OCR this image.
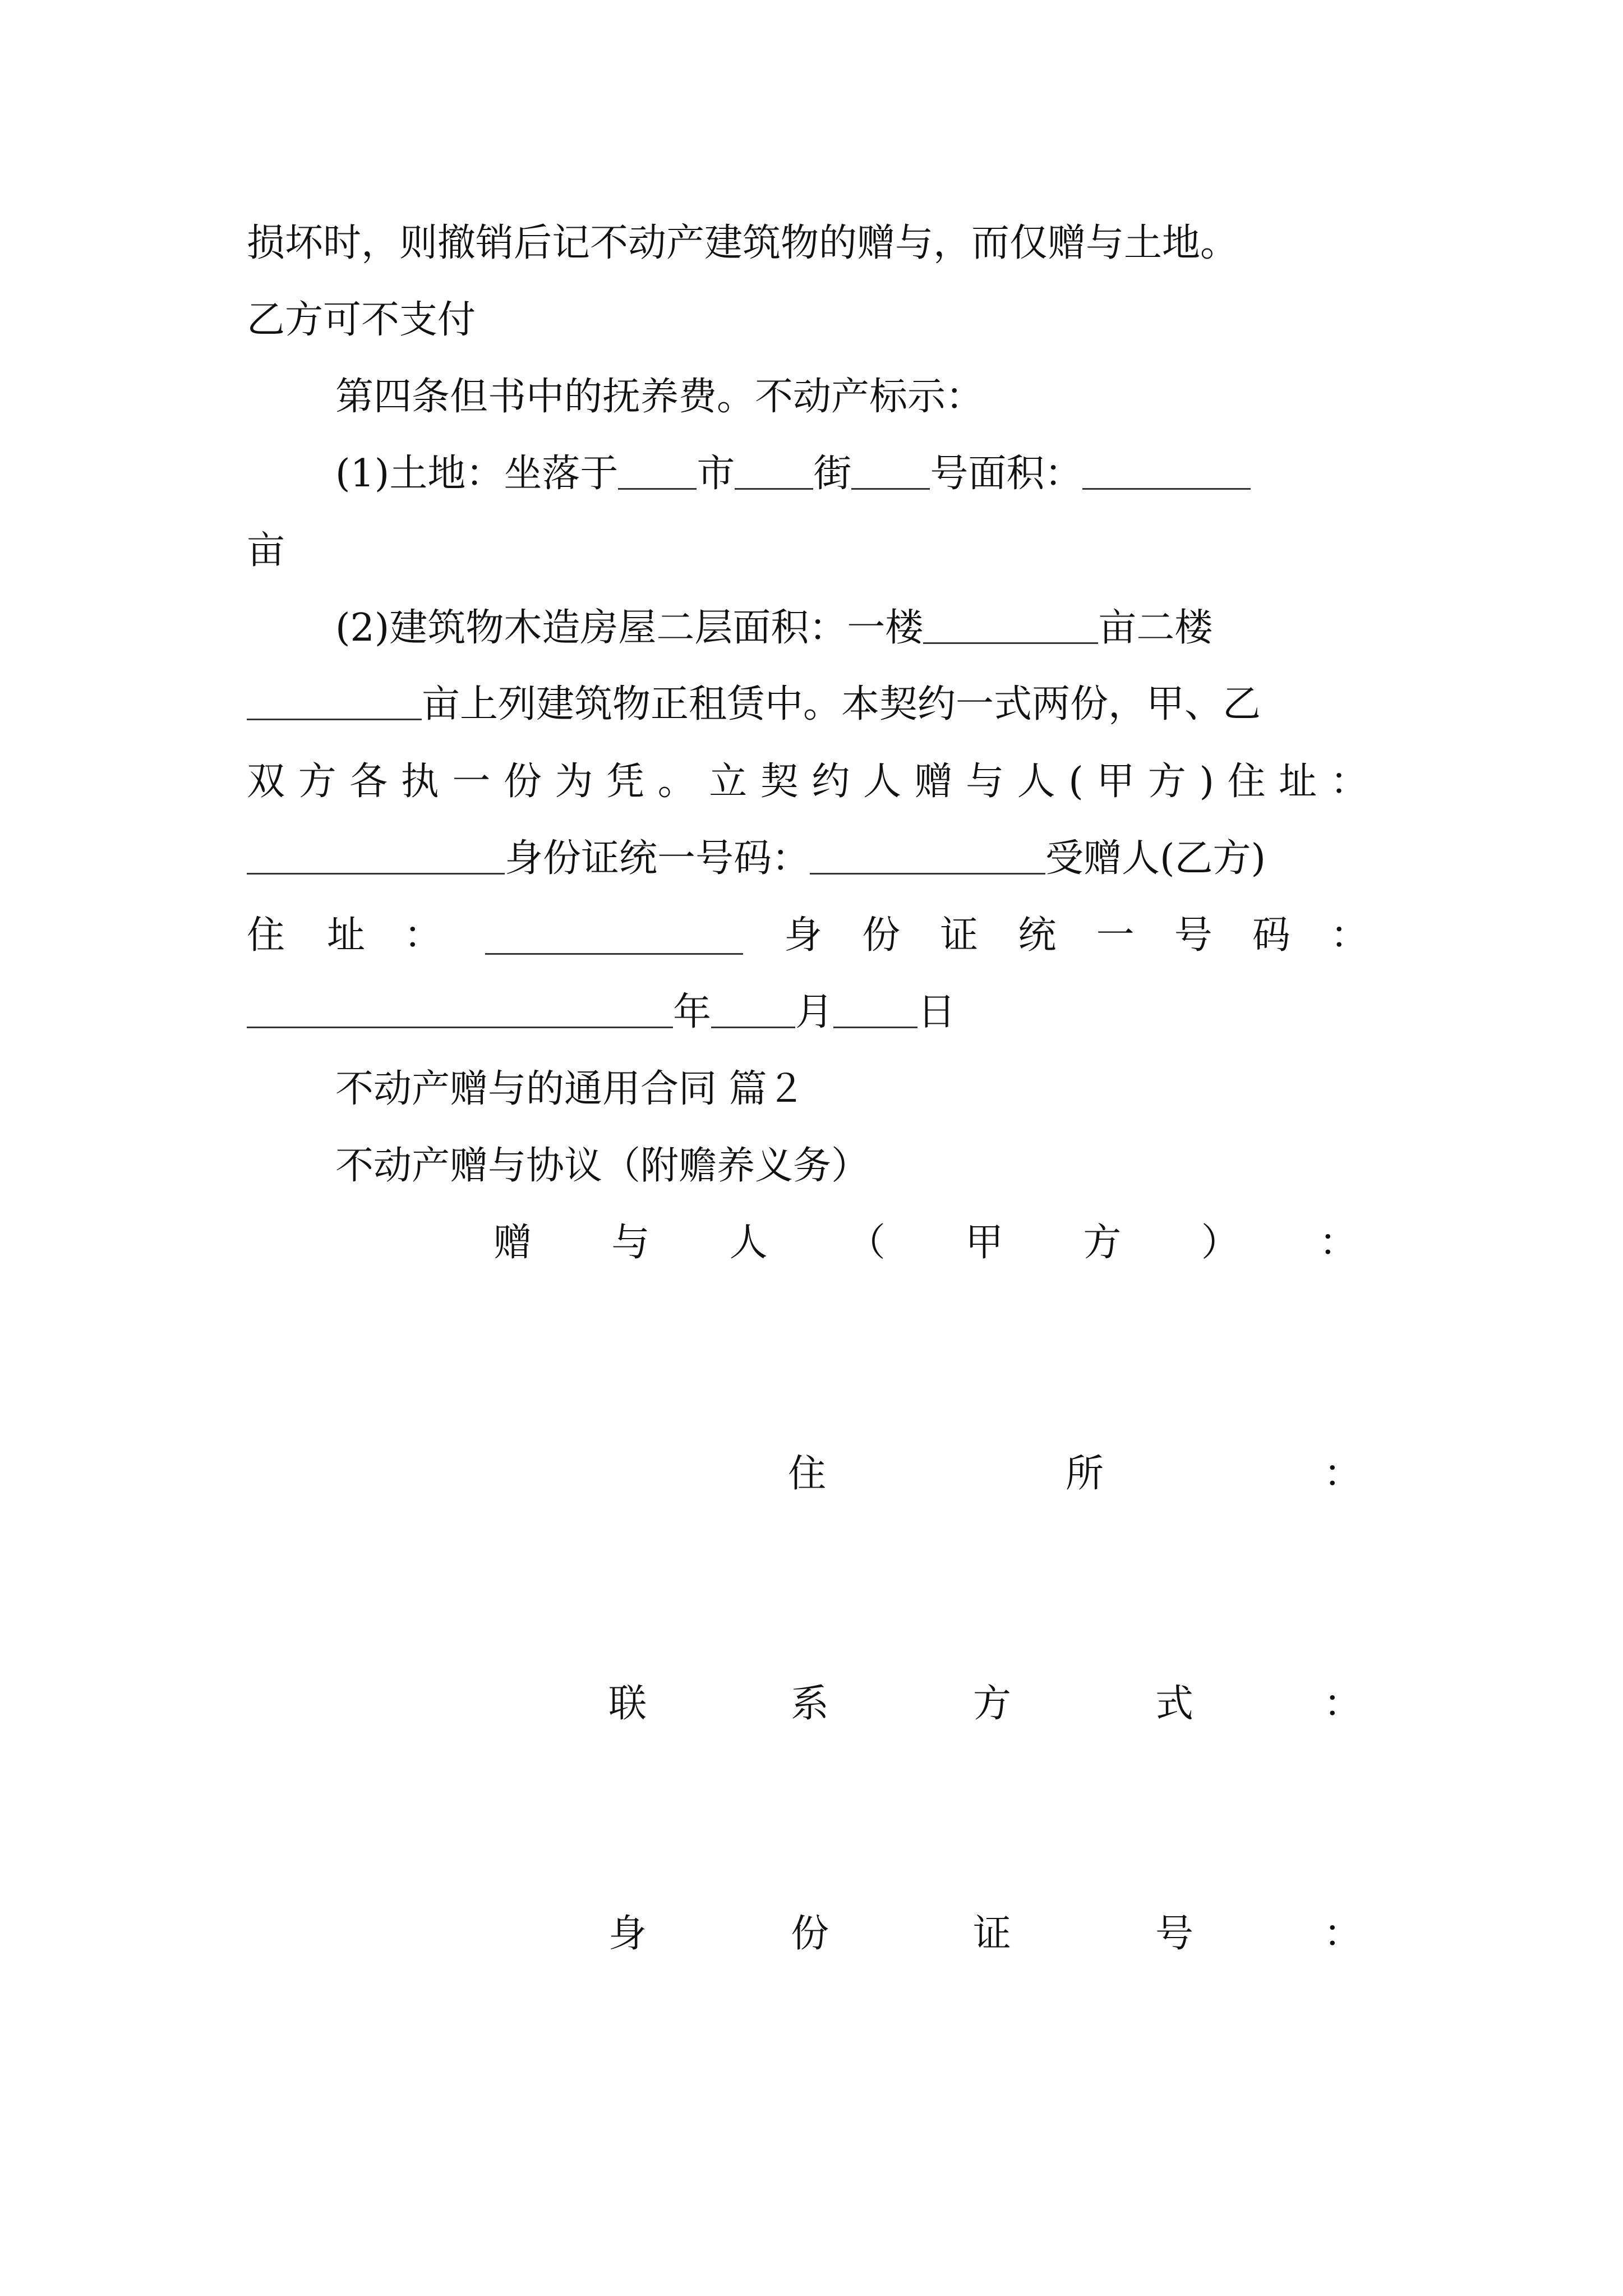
损坏时，则撤销后记不动产建筑物的赠与，而仅赠与土地。
乙方可不支付
第四条但书中的抚养费。不动产标示：
(1)土地：坐落于 市 街 号面积：
亩
(2)建筑物木造房屋二层面积：一楼	亩二楼
亩上列建筑物正租赁中。本契约一式两份，甲、乙
双 方 各 执 一 份 为 凭 。 立 契 约 人 赠 与 人 ( 甲 方 ) 住 址 ：
身份证统一号码：	受赠人(乙方)
住 址 ：	身 份 证 统 一 号 码 ：
年 月 日
不动产赠与的通用合同 篇２
不动产赠与协议（附赡养义务）
赠 与 人 （ 甲 方 ） ：
住	所	：
联	系	方	式	：
身	份	证	号	：
